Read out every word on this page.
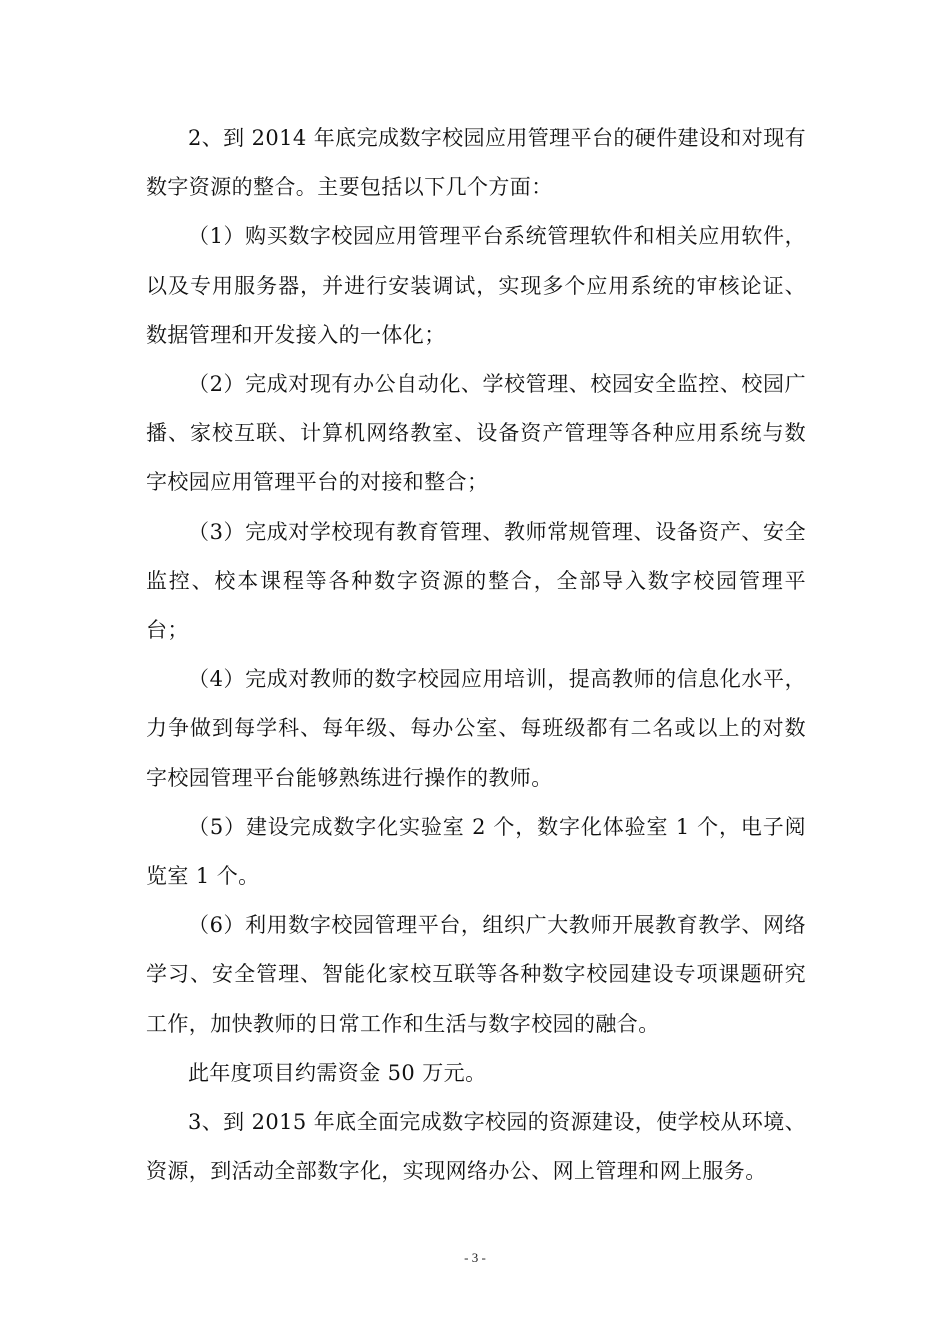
2、到 2014 年底完成数字校园应用管理平台的硬件建设和对现有数字资源的整合。主要包括以下几个方面：

（1）购买数字校园应用管理平台系统管理软件和相关应用软件，以及专用服务器，并进行安装调试，实现多个应用系统的审核论证、数据管理和开发接入的一体化；

（2）完成对现有办公自动化、学校管理、校园安全监控、校园广播、家校互联、计算机网络教室、设备资产管理等各种应用系统与数字校园应用管理平台的对接和整合；

（3）完成对学校现有教育管理、教师常规管理、设备资产、安全监控、校本课程等各种数字资源的整合，全部导入数字校园管理平台；

（4）完成对教师的数字校园应用培训，提高教师的信息化水平，力争做到每学科、每年级、每办公室、每班级都有二名或以上的对数字校园管理平台能够熟练进行操作的教师。

（5）建设完成数字化实验室 2 个，数字化体验室 1 个，电子阅览室 1 个。

（6）利用数字校园管理平台，组织广大教师开展教育教学、网络学习、安全管理、智能化家校互联等各种数字校园建设专项课题研究工作，加快教师的日常工作和生活与数字校园的融合。

此年度项目约需资金 50 万元。

3、到 2015 年底全面完成数字校园的资源建设，使学校从环境、资源，到活动全部数字化，实现网络办公、网上管理和网上服务。

- 3 -
